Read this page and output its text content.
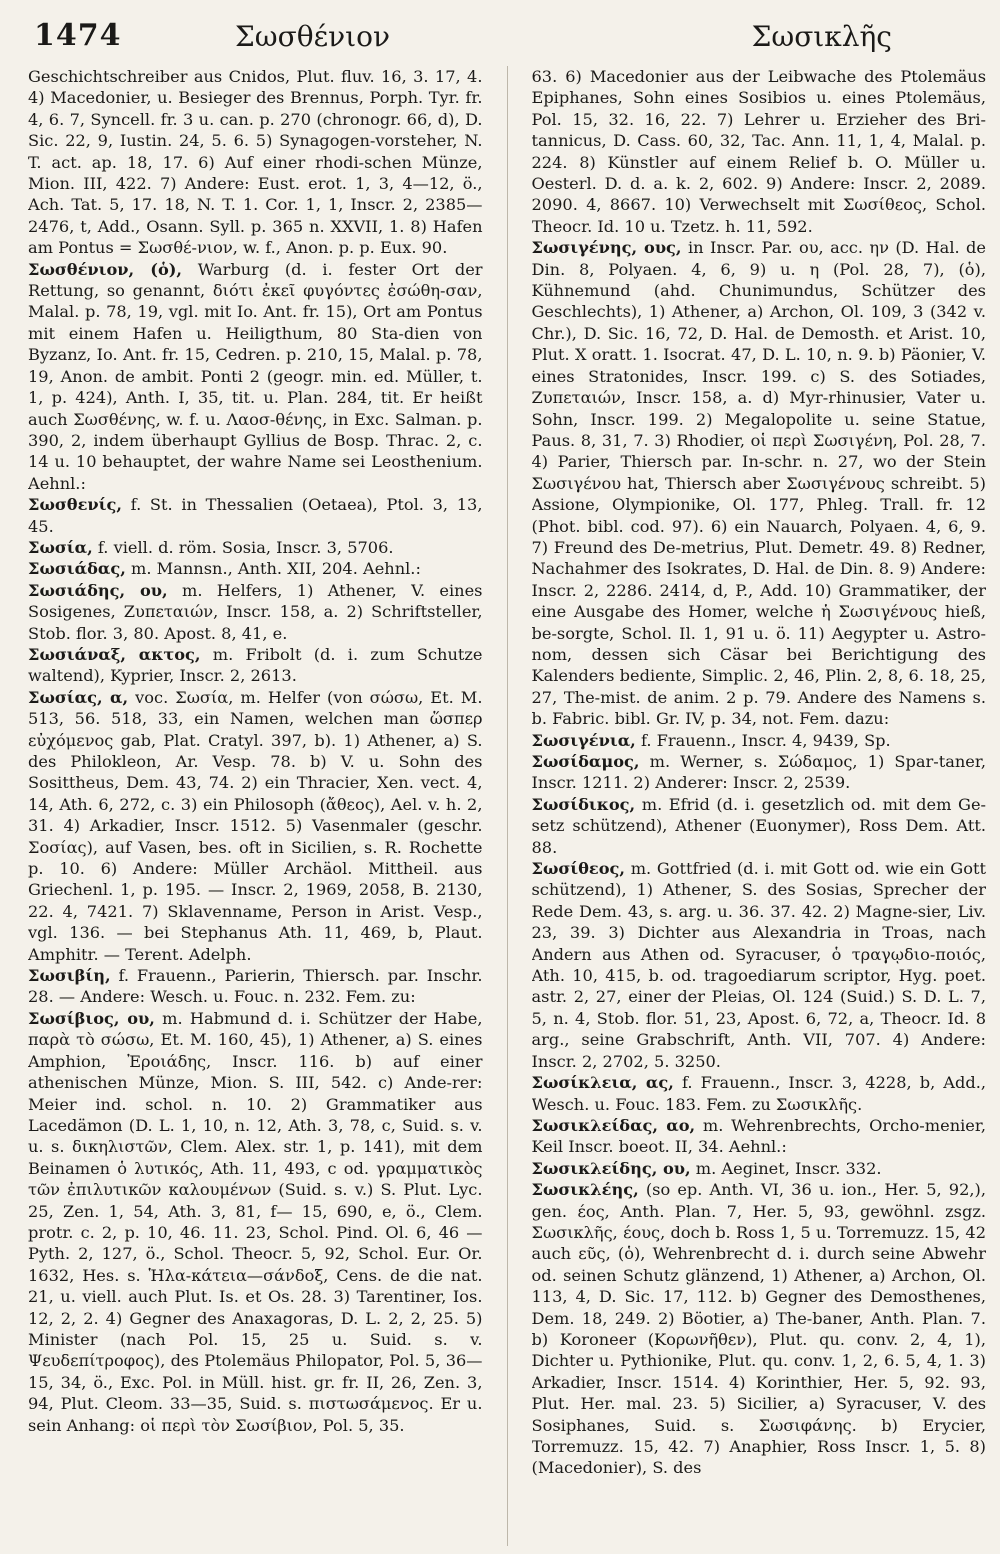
1474	Σωσθένιον	Σωσικλῆς

Geschichtschreiber aus Cnidos, Plut. fluv. 16, 3. 17, 4. 4) Macedonier, u. Besieger des Brennus, Porph. Tyr. fr. 4, 6. 7, Syncell. fr. 3 u. can. p. 270 (chronogr. 66, d), D. Sic. 22, 9, Iustin. 24, 5. 6. 5) Synagogen-vorsteher, N. T. act. ap. 18, 17. 6) Auf einer rhodi-schen Münze, Mion. III, 422. 7) Andere: Eust. erot. 1, 3, 4—12, ö., Ach. Tat. 5, 17. 18, N. T. 1. Cor. 1, 1, Inscr. 2, 2385—2476, t, Add., Osann. Syll. p. 365 n. XXVII, 1. 8) Hafen am Pontus = Σωσθέ-νιον, w. f., Anon. p. p. Eux. 90.

Σωσθένιον, (ὁ), Warburg (d. i. fester Ort der Rettung, so genannt, διότι ἐκεῖ φυγόντες ἐσώθη-σαν, Malal. p. 78, 19, vgl. mit Io. Ant. fr. 15), Ort am Pontus mit einem Hafen u. Heiligthum, 80 Sta-dien von Byzanz, Io. Ant. fr. 15, Cedren. p. 210, 15, Malal. p. 78, 19, Anon. de ambit. Ponti 2 (geogr. min. ed. Müller, t. 1, p. 424), Anth. I, 35, tit. u. Plan. 284, tit. Er heißt auch Σωσθένης, w. f. u. Λαοσ-θένης, in Exc. Salman. p. 390, 2, indem überhaupt Gyllius de Bosp. Thrac. 2, c. 14 u. 10 behauptet, der wahre Name sei Leosthenium. Aehnl.:

Σωσθενίς, f. St. in Thessalien (Oetaea), Ptol. 3, 13, 45.

Σωσία, f. viell. d. röm. Sosia, Inscr. 3, 5706.

Σωσιάδας, m. Mannsn., Anth. XII, 204. Aehnl.:

Σωσιάδης, ου, m. Helfers, 1) Athener, V. eines Sosigenes, Ζυπεταιών, Inscr. 158, a. 2) Schriftsteller, Stob. flor. 3, 80. Apost. 8, 41, e.

Σωσιάναξ, ακτος, m. Fribolt (d. i. zum Schutze waltend), Kyprier, Inscr. 2, 2613.

Σωσίας, α, voc. Σωσία, m. Helfer (von σώσω, Et. M. 513, 56. 518, 33, ein Namen, welchen man ὥσπερ εὐχόμενος gab, Plat. Cratyl. 397, b). 1) Athener, a) S. des Philokleon, Ar. Vesp. 78. b) V. u. Sohn des Sosittheus, Dem. 43, 74. 2) ein Thracier, Xen. vect. 4, 14, Ath. 6, 272, c. 3) ein Philosoph (ἄθεος), Ael. v. h. 2, 31. 4) Arkadier, Inscr. 1512. 5) Vasenmaler (geschr. Σοσίας), auf Vasen, bes. oft in Sicilien, s. R. Rochette p. 10. 6) Andere: Müller Archäol. Mittheil. aus Griechenl. 1, p. 195. — Inscr. 2, 1969, 2058, B. 2130, 22. 4, 7421. 7) Sklavenname, Person in Arist. Vesp., vgl. 136. — bei Stephanus Ath. 11, 469, b, Plaut. Amphitr. — Terent. Adelph.

Σωσιβίη, f. Frauenn., Parierin, Thiersch. par. Inschr. 28. — Andere: Wesch. u. Fouc. n. 232. Fem. zu:

Σωσίβιος, ου, m. Habmund d. i. Schützer der Habe, παρὰ τὸ σώσω, Et. M. 160, 45), 1) Athener, a) S. eines Amphion, Ἐροιάδης, Inscr. 116. b) auf einer athenischen Münze, Mion. S. III, 542. c) Ande-rer: Meier ind. schol. n. 10. 2) Grammatiker aus Lacedämon (D. L. 1, 10, n. 12, Ath. 3, 78, c, Suid. s. v. u. s. δικηλιστῶν, Clem. Alex. str. 1, p. 141), mit dem Beinamen ὁ λυτικός, Ath. 11, 493, c od. γραμματικὸς τῶν ἐπιλυτικῶν καλουμένων (Suid. s. v.) S. Plut. Lyc. 25, Zen. 1, 54, Ath. 3, 81, f— 15, 690, e, ö., Clem. protr. c. 2, p. 10, 46. 11. 23, Schol. Pind. Ol. 6, 46 — Pyth. 2, 127, ö., Schol. Theocr. 5, 92, Schol. Eur. Or. 1632, Hes. s. Ἡλα-κάτεια—σάνδοξ, Cens. de die nat. 21, u. viell. auch Plut. Is. et Os. 28. 3) Tarentiner, Ios. 12, 2, 2. 4) Gegner des Anaxagoras, D. L. 2, 2, 25. 5) Minister (nach Pol. 15, 25 u. Suid. s. v. Ψευδεπίτροφος), des Ptolemäus Philopator, Pol. 5, 36—15, 34, ö., Exc. Pol. in Müll. hist. gr. fr. II, 26, Zen. 3, 94, Plut. Cleom. 33—35, Suid. s. πιστωσάμενος. Er u. sein Anhang: οἱ περὶ τὸν Σωσίβιον, Pol. 5, 35.

63. 6) Macedonier aus der Leibwache des Ptolemäus Epiphanes, Sohn eines Sosibios u. eines Ptolemäus, Pol. 15, 32. 16, 22. 7) Lehrer u. Erzieher des Bri-tannicus, D. Cass. 60, 32, Tac. Ann. 11, 1, 4, Malal. p. 224. 8) Künstler auf einem Relief b. O. Müller u. Oesterl. D. d. a. k. 2, 602. 9) Andere: Inscr. 2, 2089. 2090. 4, 8667. 10) Verwechselt mit Σωσίθεος, Schol. Theocr. Id. 10 u. Tzetz. h. 11, 592.

Σωσιγένης, ους, in Inscr. Par. ου, acc. ην (D. Hal. de Din. 8, Polyaen. 4, 6, 9) u. η (Pol. 28, 7), (ὁ), Kühnemund (ahd. Chunimundus, Schützer des Geschlechts), 1) Athener, a) Archon, Ol. 109, 3 (342 v. Chr.), D. Sic. 16, 72, D. Hal. de Demosth. et Arist. 10, Plut. X oratt. 1. Isocrat. 47, D. L. 10, n. 9. b) Päonier, V. eines Stratonides, Inscr. 199. c) S. des Sotiades, Ζυπεταιών, Inscr. 158, a. d) Myr-rhinusier, Vater u. Sohn, Inscr. 199. 2) Megalopolite u. seine Statue, Paus. 8, 31, 7. 3) Rhodier, οἱ περὶ Σωσιγένη, Pol. 28, 7. 4) Parier, Thiersch par. In-schr. n. 27, wo der Stein Σωσιγένου hat, Thiersch aber Σωσιγένους schreibt. 5) Assione, Olympionike, Ol. 177, Phleg. Trall. fr. 12 (Phot. bibl. cod. 97). 6) ein Nauarch, Polyaen. 4, 6, 9. 7) Freund des De-metrius, Plut. Demetr. 49. 8) Redner, Nachahmer des Isokrates, D. Hal. de Din. 8. 9) Andere: Inscr. 2, 2286. 2414, d, P., Add. 10) Grammatiker, der eine Ausgabe des Homer, welche ἡ Σωσιγένους hieß, be-sorgte, Schol. Il. 1, 91 u. ö. 11) Aegypter u. Astro-nom, dessen sich Cäsar bei Berichtigung des Kalenders bediente, Simplic. 2, 46, Plin. 2, 8, 6. 18, 25, 27, The-mist. de anim. 2 p. 79. Andere des Namens s. b. Fabric. bibl. Gr. IV, p. 34, not. Fem. dazu:

Σωσιγένια, f. Frauenn., Inscr. 4, 9439, Sp.

Σωσίδαμος, m. Werner, s. Σώδαμος, 1) Spar-taner, Inscr. 1211. 2) Anderer: Inscr. 2, 2539.

Σωσίδικος, m. Efrid (d. i. gesetzlich od. mit dem Ge-setz schützend), Athener (Euonymer), Ross Dem. Att. 88.

Σωσίθεος, m. Gottfried (d. i. mit Gott od. wie ein Gott schützend), 1) Athener, S. des Sosias, Sprecher der Rede Dem. 43, s. arg. u. 36. 37. 42. 2) Magne-sier, Liv. 23, 39. 3) Dichter aus Alexandria in Troas, nach Andern aus Athen od. Syracuser, ὁ τραγῳδιο-ποιός, Ath. 10, 415, b. od. tragoediarum scriptor, Hyg. poet. astr. 2, 27, einer der Pleias, Ol. 124 (Suid.) S. D. L. 7, 5, n. 4, Stob. flor. 51, 23, Apost. 6, 72, a, Theocr. Id. 8 arg., seine Grabschrift, Anth. VII, 707. 4) Andere: Inscr. 2, 2702, 5. 3250.

Σωσίκλεια, ας, f. Frauenn., Inscr. 3, 4228, b, Add., Wesch. u. Fouc. 183. Fem. zu Σωσικλῆς.

Σωσικλείδας, αο, m. Wehrenbrechts, Orcho-menier, Keil Inscr. boeot. II, 34. Aehnl.:

Σωσικλείδης, ου, m. Aeginet, Inscr. 332.

Σωσικλέης, (so ep. Anth. VI, 36 u. ion., Her. 5, 92,), gen. έος, Anth. Plan. 7, Her. 5, 93, gewöhnl. zsgz. Σωσικλῆς, έους, doch b. Ross 1, 5 u. Torremuzz. 15, 42 auch εῦς, (ὁ), Wehrenbrecht d. i. durch seine Abwehr od. seinen Schutz glänzend, 1) Athener, a) Archon, Ol. 113, 4, D. Sic. 17, 112. b) Gegner des Demosthenes, Dem. 18, 249. 2) Böotier, a) The-baner, Anth. Plan. 7. b) Koroneer (Κορωνῆθεν), Plut. qu. conv. 2, 4, 1), Dichter u. Pythionike, Plut. qu. conv. 1, 2, 6. 5, 4, 1. 3) Arkadier, Inscr. 1514. 4) Korinthier, Her. 5, 92. 93, Plut. Her. mal. 23. 5) Sicilier, a) Syracuser, V. des Sosiphanes, Suid. s. Σωσιφάνης. b) Erycier, Torremuzz. 15, 42. 7) Anaphier, Ross Inscr. 1, 5. 8) (Macedonier), S. des
